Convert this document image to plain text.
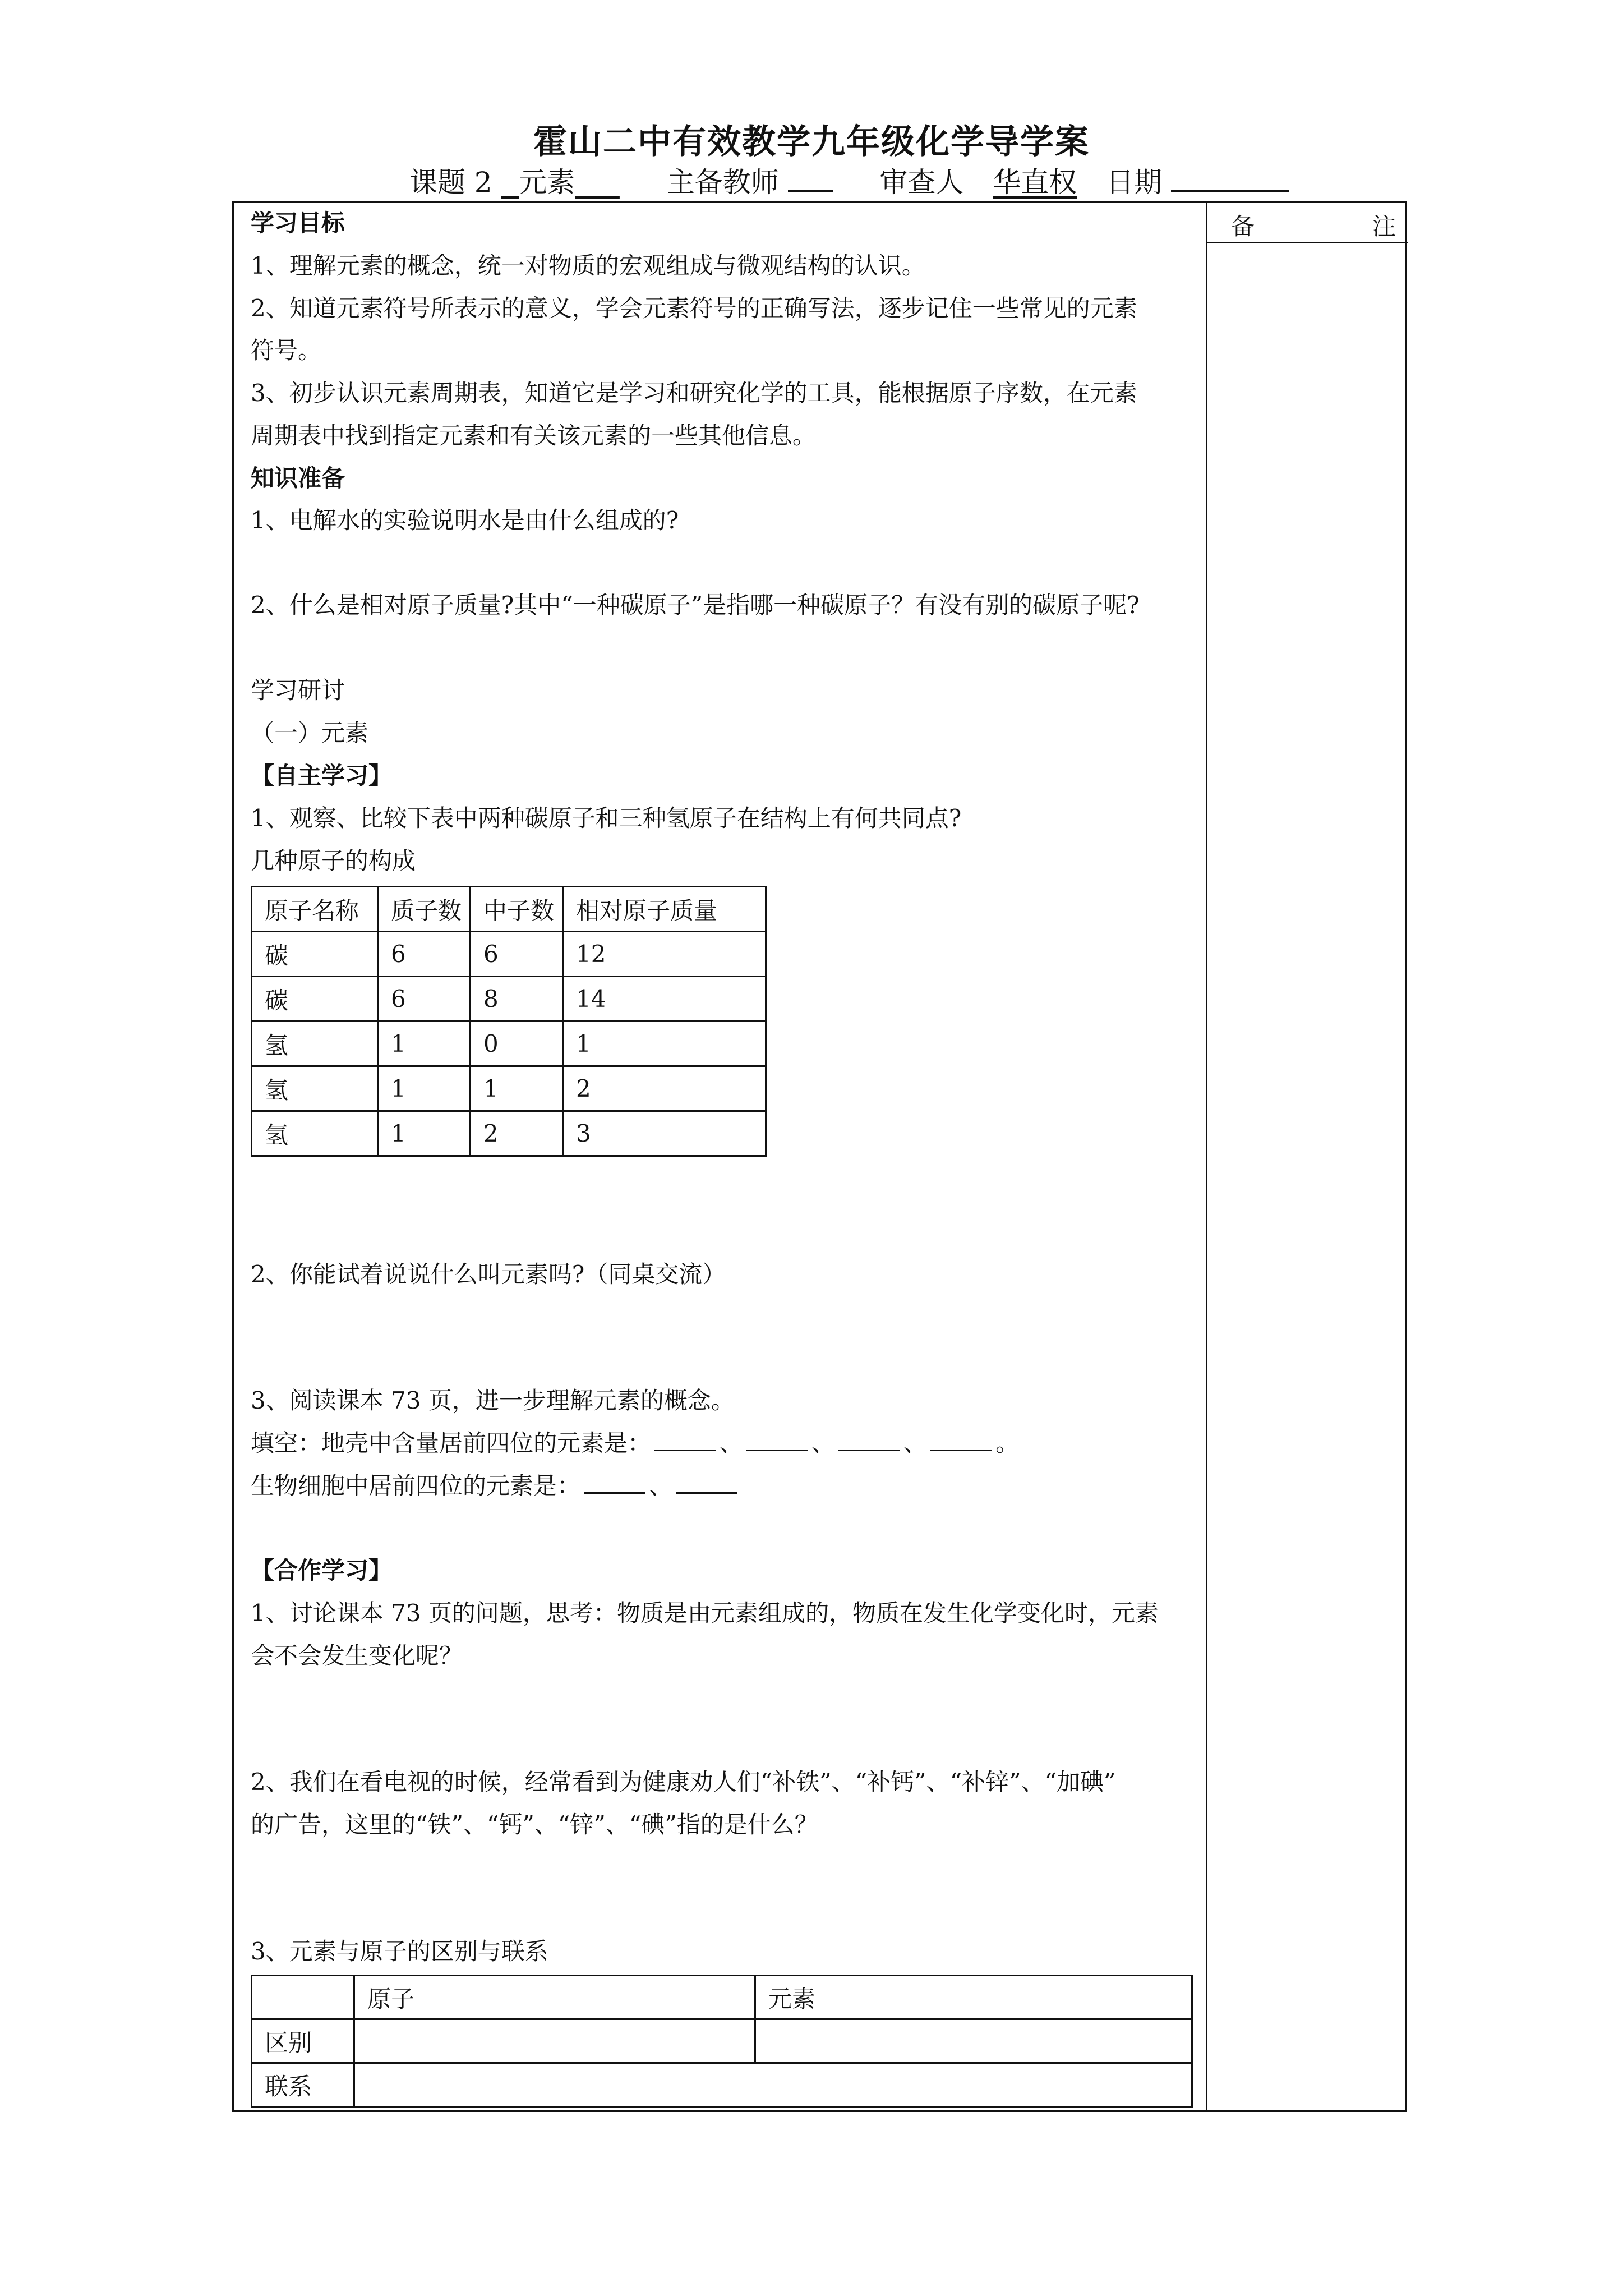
霍山二中有效教学九年级化学导学案
课题 2 元素	主备教师	审查人 华直权 日期
备	注
学习目标
1、理解元素的概念，统一对物质的宏观组成与微观结构的认识。
2、知道元素符号所表示的意义，学会元素符号的正确写法，逐步记住一些常见的元素
符号。
3、初步认识元素周期表，知道它是学习和研究化学的工具，能根据原子序数，在元素
周期表中找到指定元素和有关该元素的一些其他信息。
知识准备
1、电解水的实验说明水是由什么组成的?
2、什么是相对原子质量?其中“一种碳原子”是指哪一种碳原子？有没有别的碳原子呢?
学习研讨
（一）元素
【自主学习】
1、观察、比较下表中两种碳原子和三种氢原子在结构上有何共同点?
几种原子的构成
原子名称	质子数	中子数	相对原子质量
碳	6	6	12
碳	6	8	14
氢	1	0	1
氢	1	1	2
氢	1	2	3
2、你能试着说说什么叫元素吗?（同桌交流）
3、阅读课本 73 页，进一步理解元素的概念。
填空：地壳中含量居前四位的元素是：	、	、	、	。
生物细胞中居前四位的元素是：	、
【合作学习】
1、讨论课本 73 页的问题，思考：物质是由元素组成的，物质在发生化学变化时，元素
会不会发生变化呢？
2、我们在看电视的时候，经常看到为健康劝人们“补铁”、“补钙”、“补锌”、“加碘”
的广告，这里的“铁”、“钙”、“锌”、“碘”指的是什么？
3、元素与原子的区别与联系
	原子	元素
区别		
联系		
